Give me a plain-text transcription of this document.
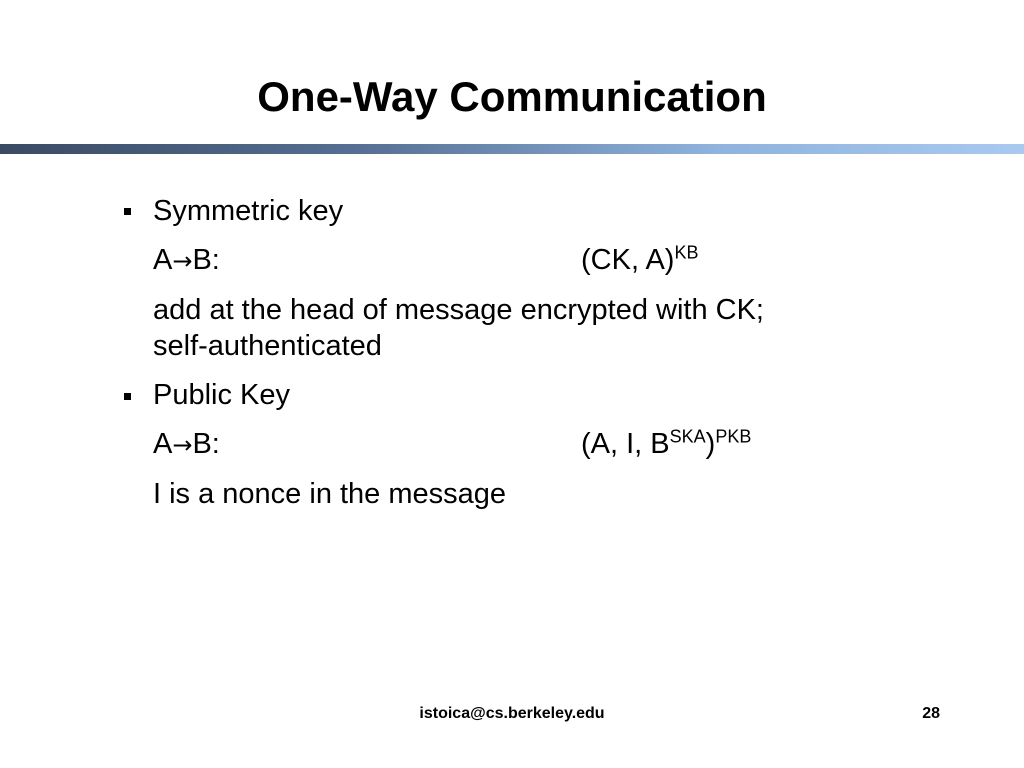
One-Way Communication
Symmetric key
A→B:	(CK, A)$^{KB}$
add at the head of message encrypted with CK;
self-authenticated
Public Key
A→B:	(A, I, $B^{SKA})^{PKB}$
I is a nonce in the message
istoica@cs.berkeley.edu	28
